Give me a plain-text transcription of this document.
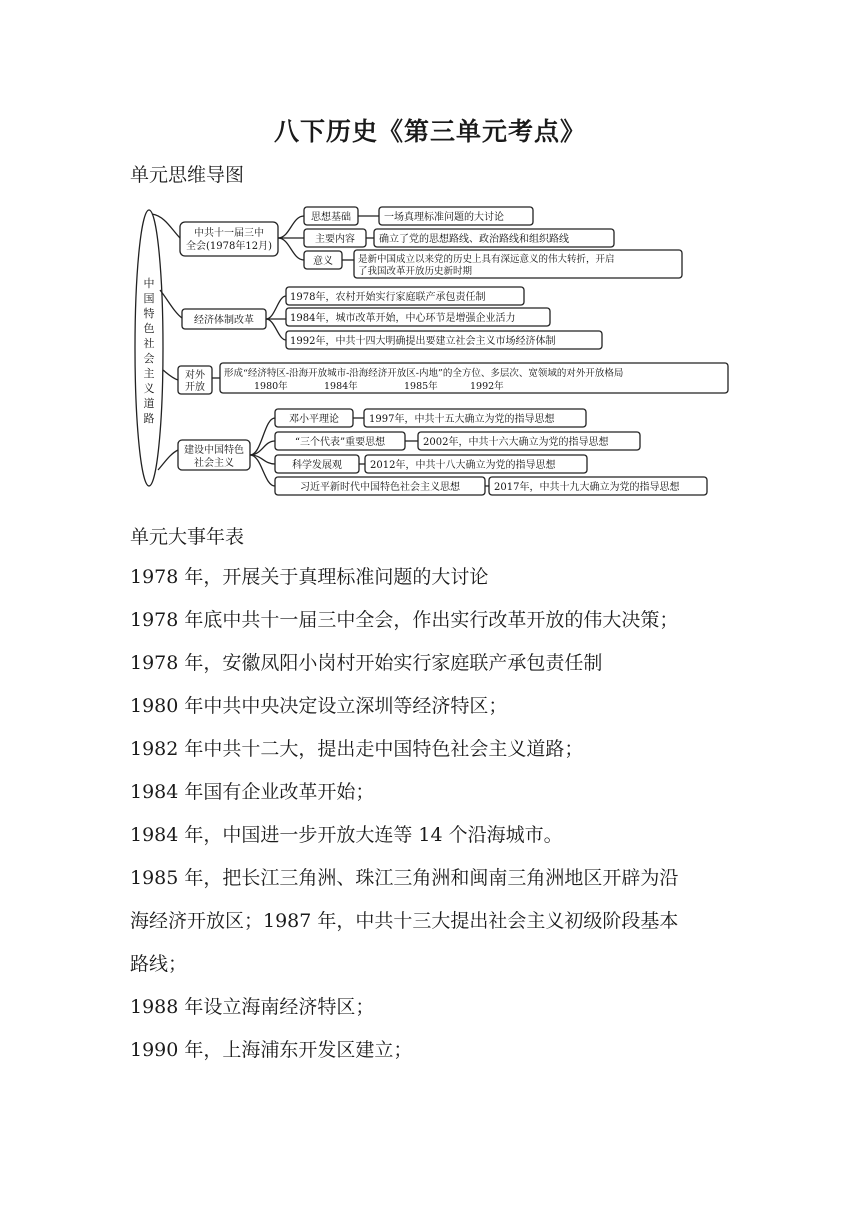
八下历史《第三单元考点》
单元思维导图
中
国
特
色
社
会
主
义
道
路
中共十一届三中
全会(1978年12月)
思想基础
主要内容
意义
一场真理标准问题的大讨论
确立了党的思想路线、政治路线和组织路线
是新中国成立以来党的历史上具有深远意义的伟大转折，开启
了我国改革开放历史新时期
经济体制改革
1978年，农村开始实行家庭联产承包责任制
1984年，城市改革开始，中心环节是增强企业活力
1992年，中共十四大明确提出要建立社会主义市场经济体制
对外
开放
形成“经济特区-沿海开放城市-沿海经济开放区-内地”的全方位、多层次、宽领域的对外开放格局
1980年	1984年	1985年	1992年
建设中国特色
社会主义
邓小平理论
“三个代表”重要思想
科学发展观
习近平新时代中国特色社会主义思想
1997年，中共十五大确立为党的指导思想
2002年，中共十六大确立为党的指导思想
2012年，中共十八大确立为党的指导思想
2017年，中共十九大确立为党的指导思想
单元大事年表
1978 年，开展关于真理标准问题的大讨论
1978 年底中共十一届三中全会，作出实行改革开放的伟大决策；
1978 年，安徽凤阳小岗村开始实行家庭联产承包责任制
1980 年中共中央决定设立深圳等经济特区；
1982 年中共十二大，提出走中国特色社会主义道路；
1984 年国有企业改革开始；
1984 年，中国进一步开放大连等 14 个沿海城市。
1985 年，把长江三角洲、珠江三角洲和闽南三角洲地区开辟为沿
海经济开放区；1987 年，中共十三大提出社会主义初级阶段基本
路线；
1988 年设立海南经济特区；
1990 年，上海浦东开发区建立；
